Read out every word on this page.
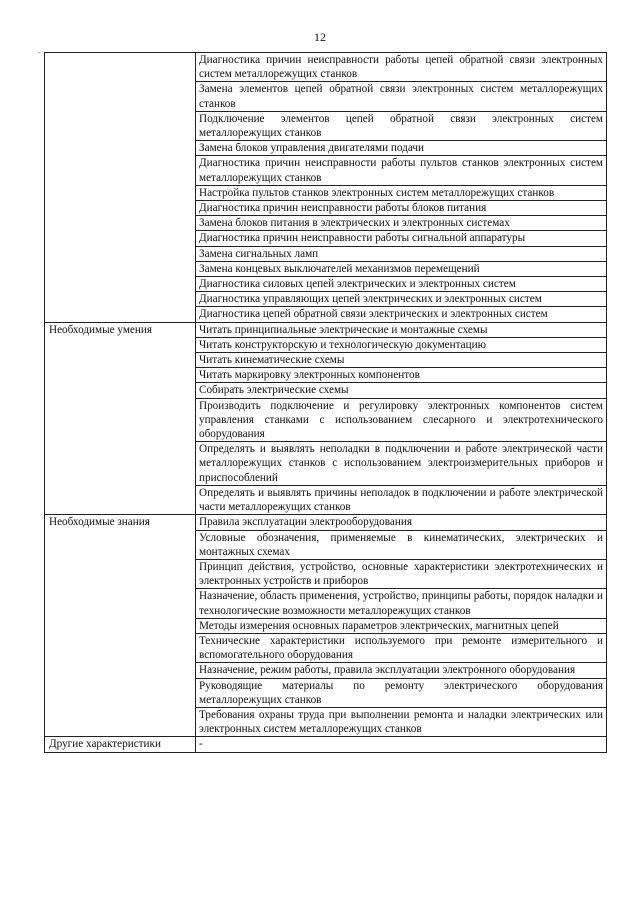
12
-
	Диагностика причин неисправности работы цепей обратной связи электронных систем металлорежущих станков
	Замена элементов цепей обратной связи электронных систем металлорежущих станков
	Подключение элементов цепей обратной связи электронных систем металлорежущих станков
	Замена блоков управления двигателями подачи
	Диагностика причин неисправности работы пультов станков электронных систем металлорежущих станков
	Настройка пультов станков электронных систем металлорежущих станков
	Диагностика причин неисправности работы блоков питания
	Замена блоков питания в электрических и электронных системах
	Диагностика причин неисправности работы сигнальной аппаратуры
	Замена сигнальных ламп
	Замена концевых выключателей механизмов перемещений
	Диагностика силовых цепей электрических и электронных систем
	Диагностика управляющих цепей электрических и электронных систем
	Диагностика цепей обратной связи электрических и электронных систем
Необходимые умения	Читать принципиальные электрические и монтажные схемы
	Читать конструкторскую и технологическую документацию
	Читать кинематические схемы
	Читать маркировку электронных компонентов
	Собирать электрические схемы
	Производить подключение и регулировку электронных компонентов систем управления станками с использованием слесарного и электротехнического оборудования
	Определять и выявлять неполадки в подключении и работе электрической части металлорежущих станков с использованием электроизмерительных приборов и приспособлений
	Определять и выявлять причины неполадок в подключении и работе электрической части металлорежущих станков
Необходимые знания	Правила эксплуатации электрооборудования
	Условные обозначения, применяемые в кинематических, электрических и монтажных схемах
	Принцип действия, устройство, основные характеристики электротехнических и электронных устройств и приборов
	Назначение, область применения, устройство, принципы работы, порядок наладки и технологические возможности металлорежущих станков
	Методы измерения основных параметров электрических, магнитных цепей
	Технические характеристики используемого при ремонте измерительного и вспомогательного оборудования
	Назначение, режим работы, правила эксплуатации электронного оборудования
	Руководящие материалы по ремонту электрического оборудования металлорежущих станков
	Требования охраны труда при выполнении ремонта и наладки электрических или электронных систем металлорежущих станков
Другие характеристики	-
